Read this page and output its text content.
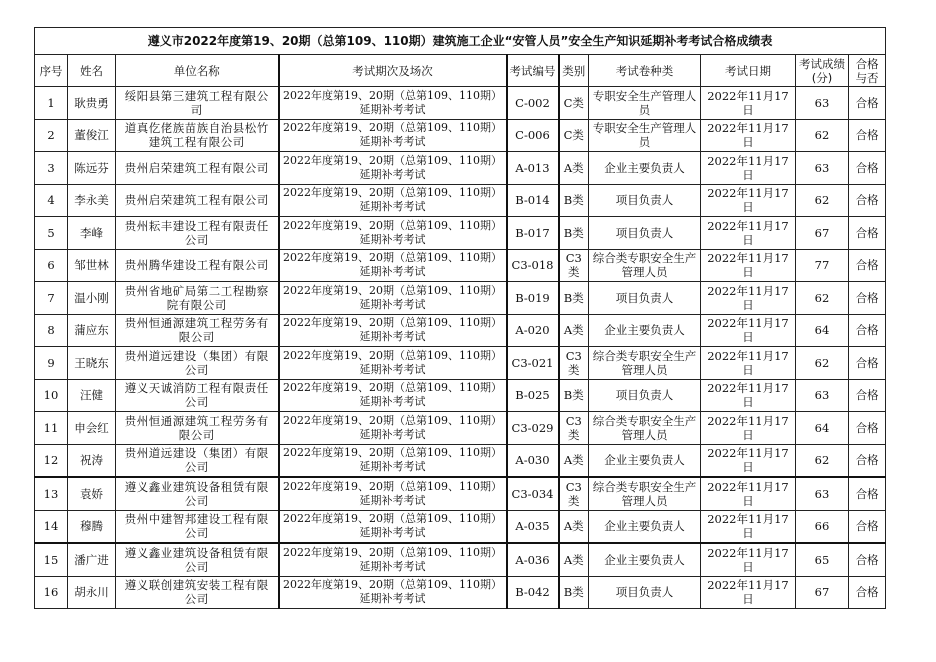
遵义市2022年度第19、20期（总第109、110期）建筑施工企业“安管人员”安全生产知识延期补考考试合格成绩表									
序号	姓名	单位名称	考试期次及场次	考试编号	类别	考试卷种类	考试日期	考试成绩(分)	合格与否
1	耿贵勇	绥阳县第三建筑工程有限公司	2022年度第19、20期（总第109、110期）延期补考考试	C-002	C类	专职安全生产管理人员	2022年11月17日	63	合格
2	董俊江	道真仡佬族苗族自治县松竹建筑工程有限公司	2022年度第19、20期（总第109、110期）延期补考考试	C-006	C类	专职安全生产管理人员	2022年11月17日	62	合格
3	陈远芬	贵州启荣建筑工程有限公司	2022年度第19、20期（总第109、110期）延期补考考试	A-013	A类	企业主要负责人	2022年11月17日	63	合格
4	李永美	贵州启荣建筑工程有限公司	2022年度第19、20期（总第109、110期）延期补考考试	B-014	B类	项目负责人	2022年11月17日	62	合格
5	李峰	贵州耘丰建设工程有限责任公司	2022年度第19、20期（总第109、110期）延期补考考试	B-017	B类	项目负责人	2022年11月17日	67	合格
6	邹世林	贵州腾华建设工程有限公司	2022年度第19、20期（总第109、110期）延期补考考试	C3-018	C3类	综合类专职安全生产管理人员	2022年11月17日	77	合格
7	温小刚	贵州省地矿局第二工程勘察院有限公司	2022年度第19、20期（总第109、110期）延期补考考试	B-019	B类	项目负责人	2022年11月17日	62	合格
8	蒲应东	贵州恒通源建筑工程劳务有限公司	2022年度第19、20期（总第109、110期）延期补考考试	A-020	A类	企业主要负责人	2022年11月17日	64	合格
9	王晓东	贵州道远建设（集团）有限公司	2022年度第19、20期（总第109、110期）延期补考考试	C3-021	C3类	综合类专职安全生产管理人员	2022年11月17日	62	合格
10	汪健	遵义天诚消防工程有限责任公司	2022年度第19、20期（总第109、110期）延期补考考试	B-025	B类	项目负责人	2022年11月17日	63	合格
11	申会红	贵州恒通源建筑工程劳务有限公司	2022年度第19、20期（总第109、110期）延期补考考试	C3-029	C3类	综合类专职安全生产管理人员	2022年11月17日	64	合格
12	祝涛	贵州道远建设（集团）有限公司	2022年度第19、20期（总第109、110期）延期补考考试	A-030	A类	企业主要负责人	2022年11月17日	62	合格
13	袁娇	遵义鑫业建筑设备租赁有限公司	2022年度第19、20期（总第109、110期）延期补考考试	C3-034	C3类	综合类专职安全生产管理人员	2022年11月17日	63	合格
14	穆腾	贵州中建智邦建设工程有限公司	2022年度第19、20期（总第109、110期）延期补考考试	A-035	A类	企业主要负责人	2022年11月17日	66	合格
15	潘广进	遵义鑫业建筑设备租赁有限公司	2022年度第19、20期（总第109、110期）延期补考考试	A-036	A类	企业主要负责人	2022年11月17日	65	合格
16	胡永川	遵义联创建筑安装工程有限公司	2022年度第19、20期（总第109、110期）延期补考考试	B-042	B类	项目负责人	2022年11月17日	67	合格
